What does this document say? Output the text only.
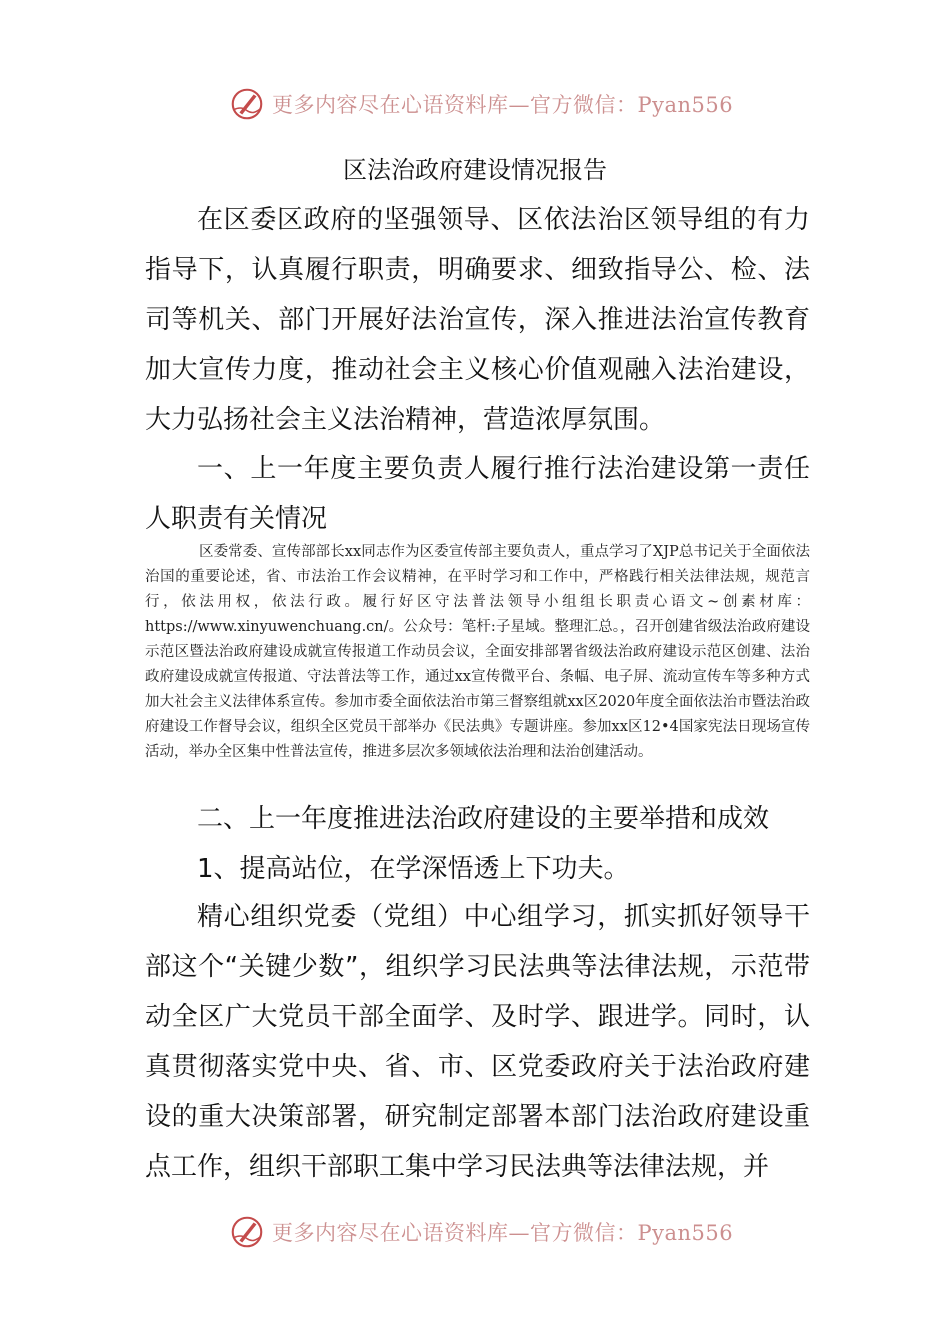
更多内容尽在心语资料库—官方微信：Pyan556
区法治政府建设情况报告

在区委区政府的坚强领导、区依法治区领导组的有力指导下，认真履行职责，明确要求、细致指导公、检、法司等机关、部门开展好法治宣传，深入推进法治宣传教育加大宣传力度，推动社会主义核心价值观融入法治建设，大力弘扬社会主义法治精神，营造浓厚氛围。

一、上一年度主要负责人履行推行法治建设第一责任人职责有关情况

区委常委、宣传部部长xx同志作为区委宣传部主要负责人，重点学习了XJP总书记关于全面依法治国的重要论述，省、市法治工作会议精神，在平时学习和工作中，严格践行相关法律法规，规范言行，依法用权，依法行政。履行好区守法普法领导小组组长职责心语文~创素材库：https://www.xinyuwenchuang.cn/。公众号：笔杆:子星域。整理汇总。，召开创建省级法治政府建设示范区暨法治政府建设成就宣传报道工作动员会议，全面安排部署省级法治政府建设示范区创建、法治政府建设成就宣传报道、守法普法等工作，通过xx宣传微平台、条幅、电子屏、流动宣传车等多种方式加大社会主义法律体系宣传。参加市委全面依法治市第三督察组就xx区2020年度全面依法治市暨法治政府建设工作督导会议，组织全区党员干部举办《民法典》专题讲座。参加xx区12•4国家宪法日现场宣传活动，举办全区集中性普法宣传，推进多层次多领域依法治理和法治创建活动。

二、上一年度推进法治政府建设的主要举措和成效

1、提高站位，在学深悟透上下功夫。

精心组织党委（党组）中心组学习，抓实抓好领导干部这个“关键少数”，组织学习民法典等法律法规，示范带动全区广大党员干部全面学、及时学、跟进学。同时，认真贯彻落实党中央、省、市、区党委政府关于法治政府建设的重大决策部署，研究制定部署本部门法治政府建设重点工作，组织干部职工集中学习民法典等法律法规，并

更多内容尽在心语资料库—官方微信：Pyan556
